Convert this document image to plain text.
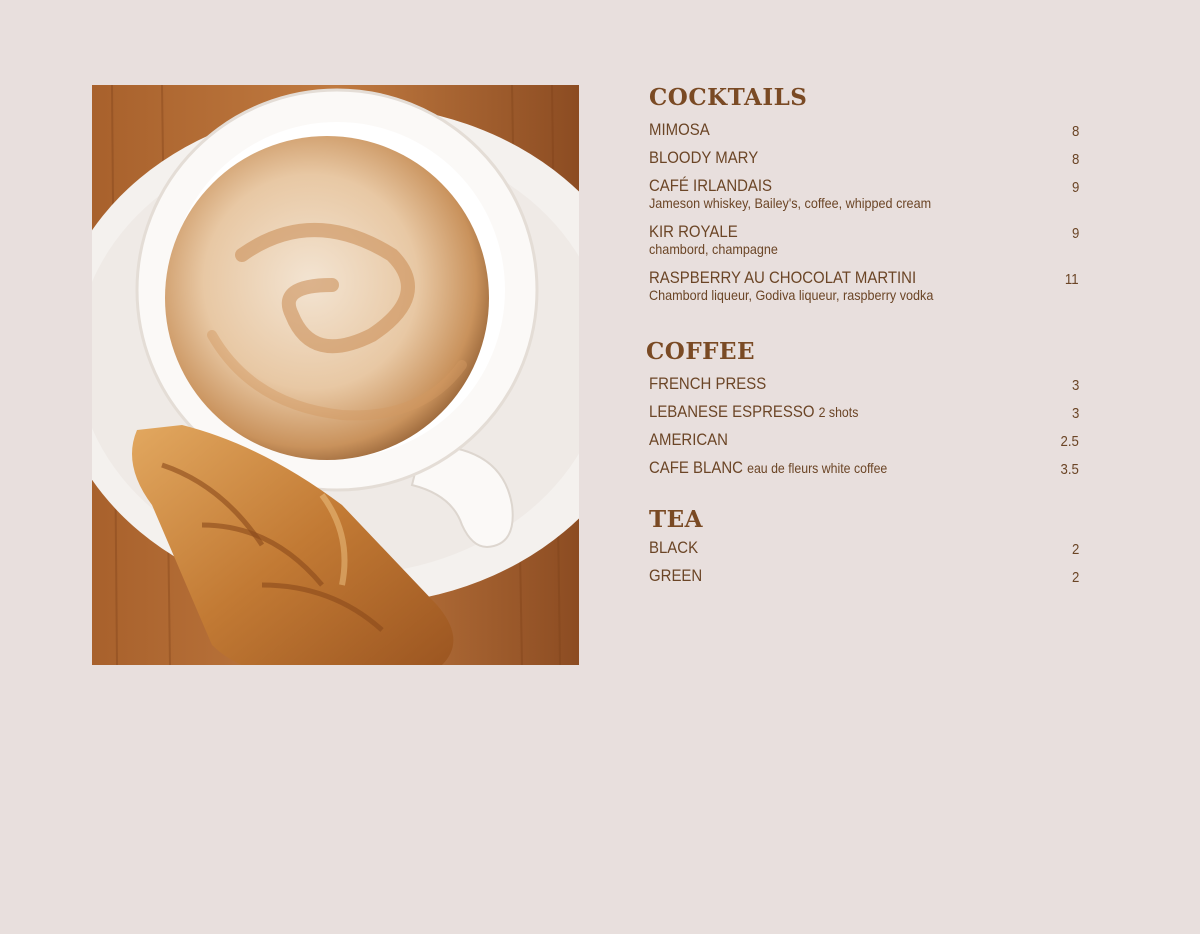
COCKTAILS
MIMOSA	8
BLOODY MARY	8
CAFÉ IRLANDAIS	9
Jameson whiskey, Bailey's, coffee, whipped cream
KIR ROYALE	9
chambord, champagne
RASPBERRY AU CHOCOLAT MARTINI	11
Chambord liqueur, Godiva liqueur, raspberry vodka
COFFEE
FRENCH PRESS	3
LEBANESE ESPRESSO 2 shots	3
AMERICAN	2.5
CAFE BLANC eau de fleurs white coffee	3.5
TEA
BLACK	2
GREEN	2
